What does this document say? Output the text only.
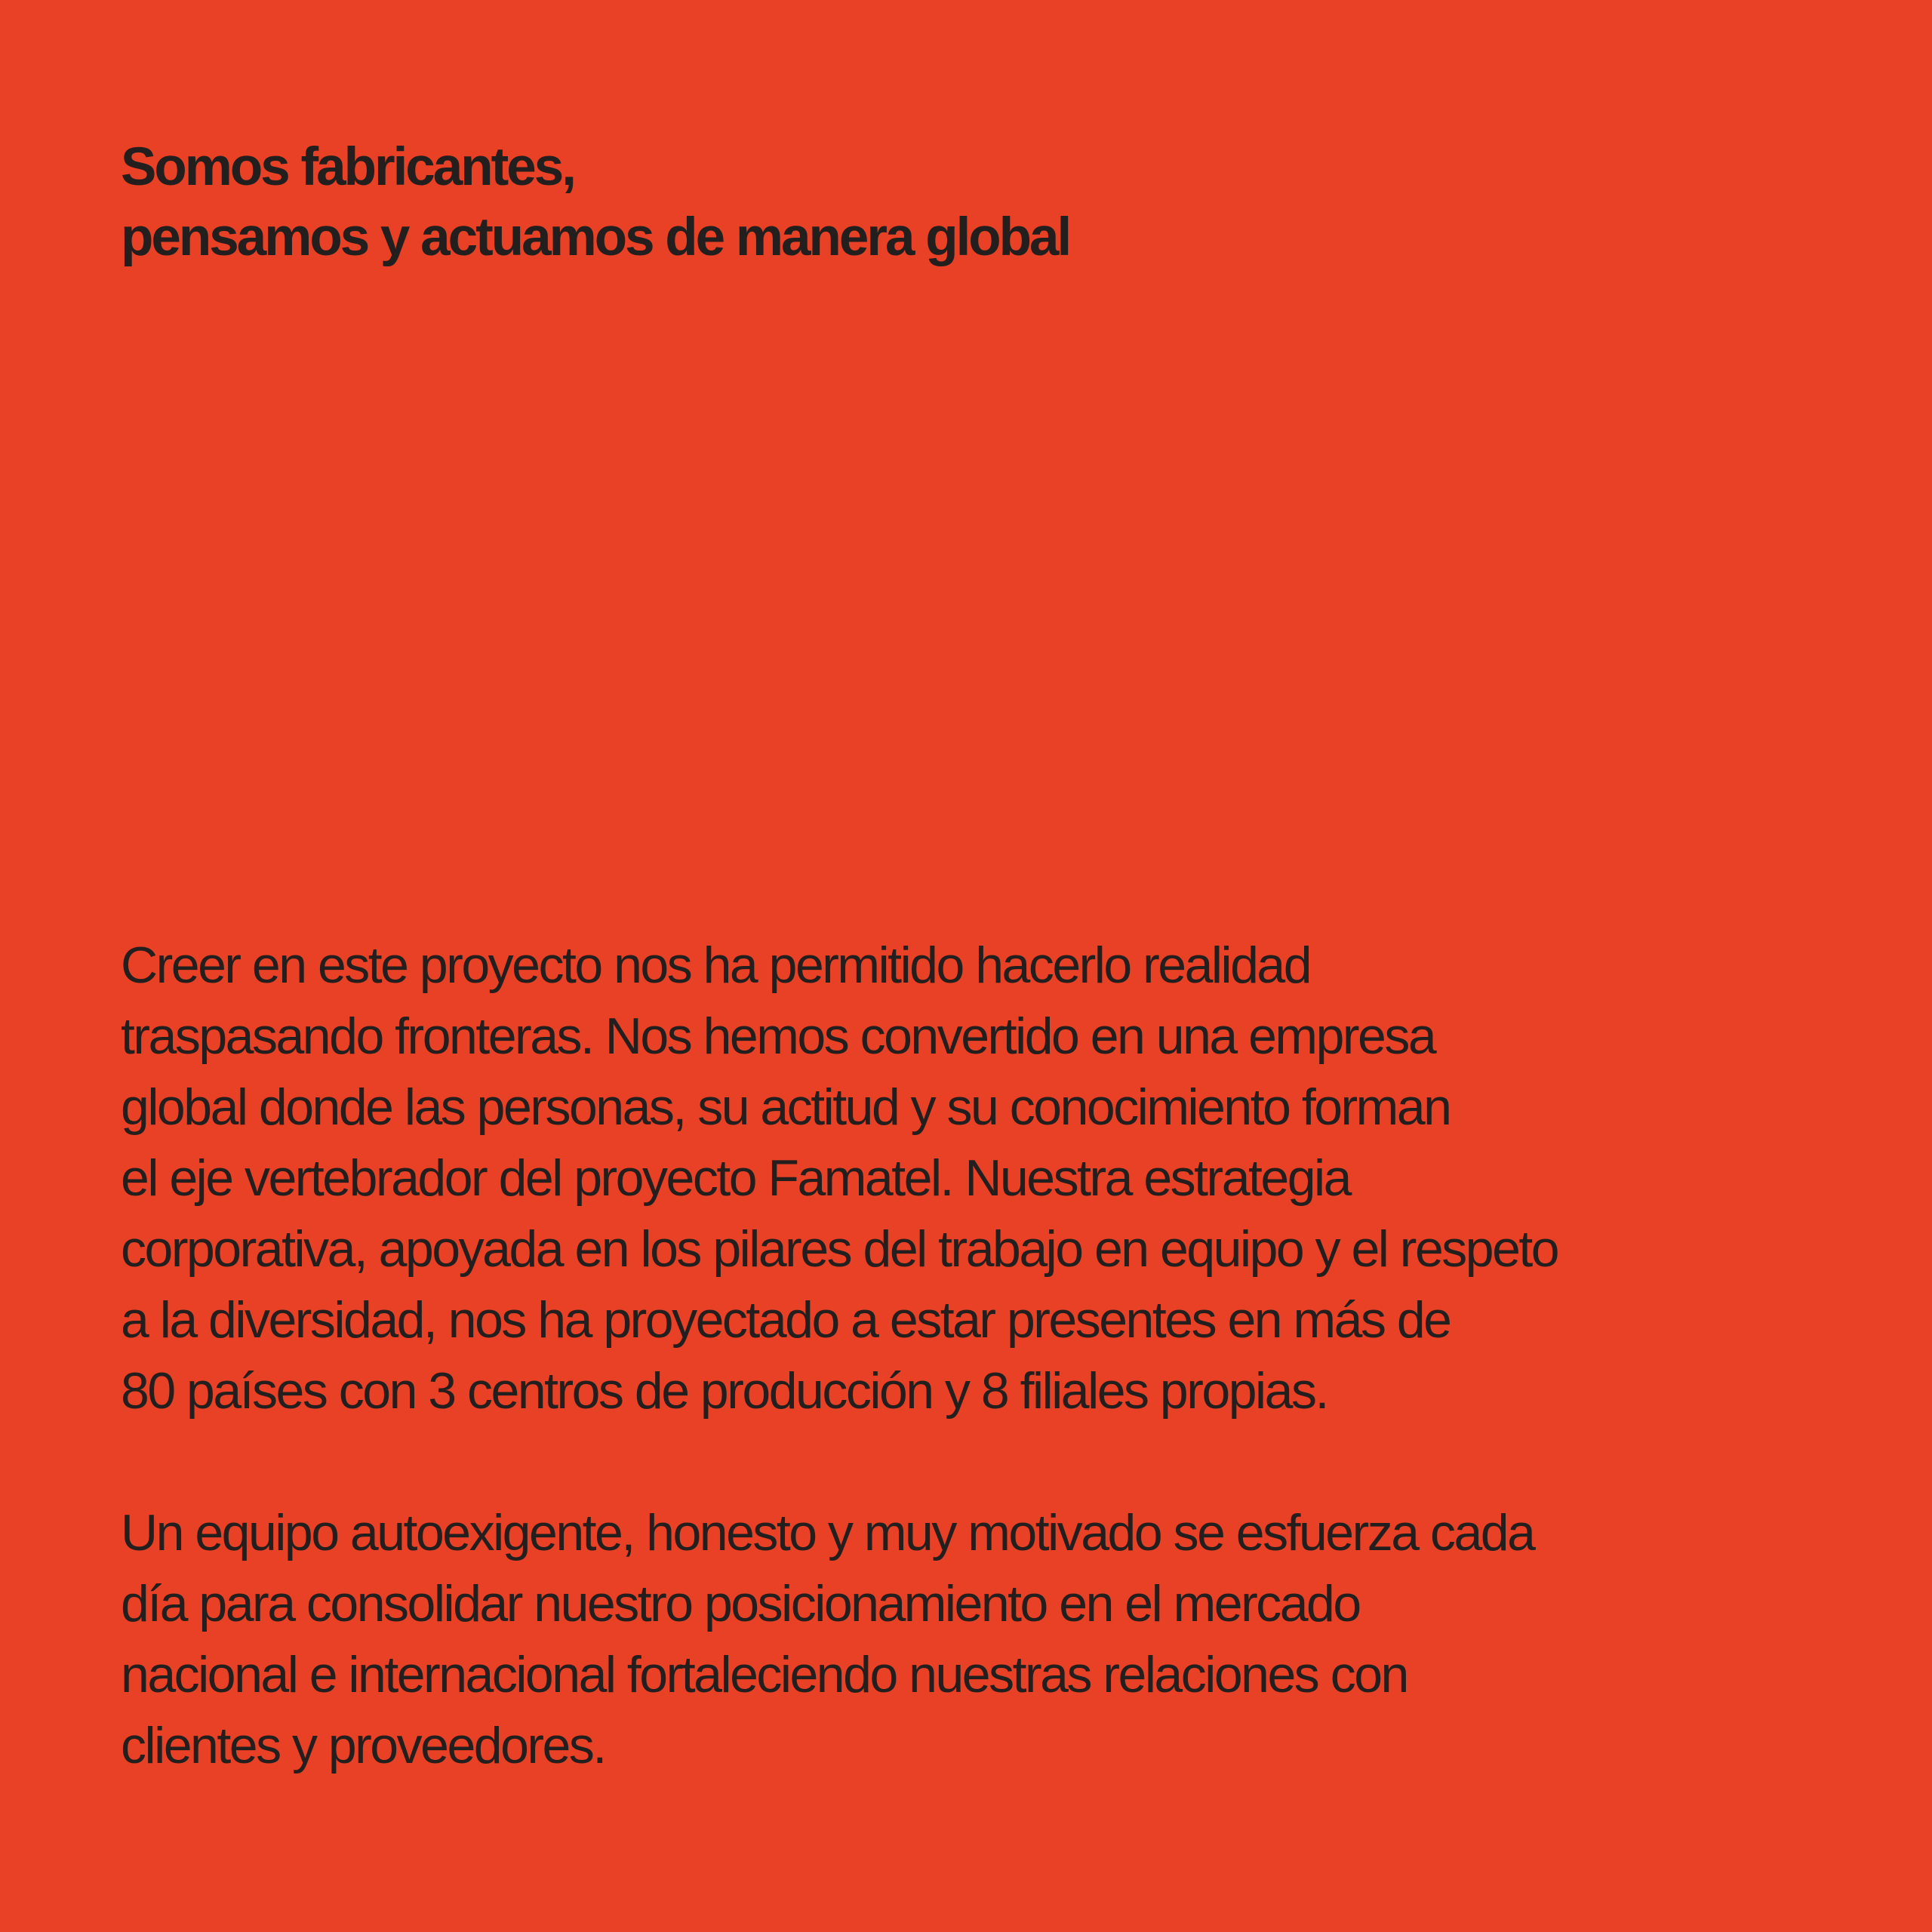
Somos fabricantes,
pensamos y actuamos de manera global

Creer en este proyecto nos ha permitido hacerlo realidad
traspasando fronteras. Nos hemos convertido en una empresa
global donde las personas, su actitud y su conocimiento forman
el eje vertebrador del proyecto Famatel. Nuestra estrategia
corporativa, apoyada en los pilares del trabajo en equipo y el respeto
a la diversidad, nos ha proyectado a estar presentes en más de
80 países con 3 centros de producción y 8 filiales propias.

Un equipo autoexigente, honesto y muy motivado se esfuerza cada
día para consolidar nuestro posicionamiento en el mercado
nacional e internacional fortaleciendo nuestras relaciones con
clientes y proveedores.
